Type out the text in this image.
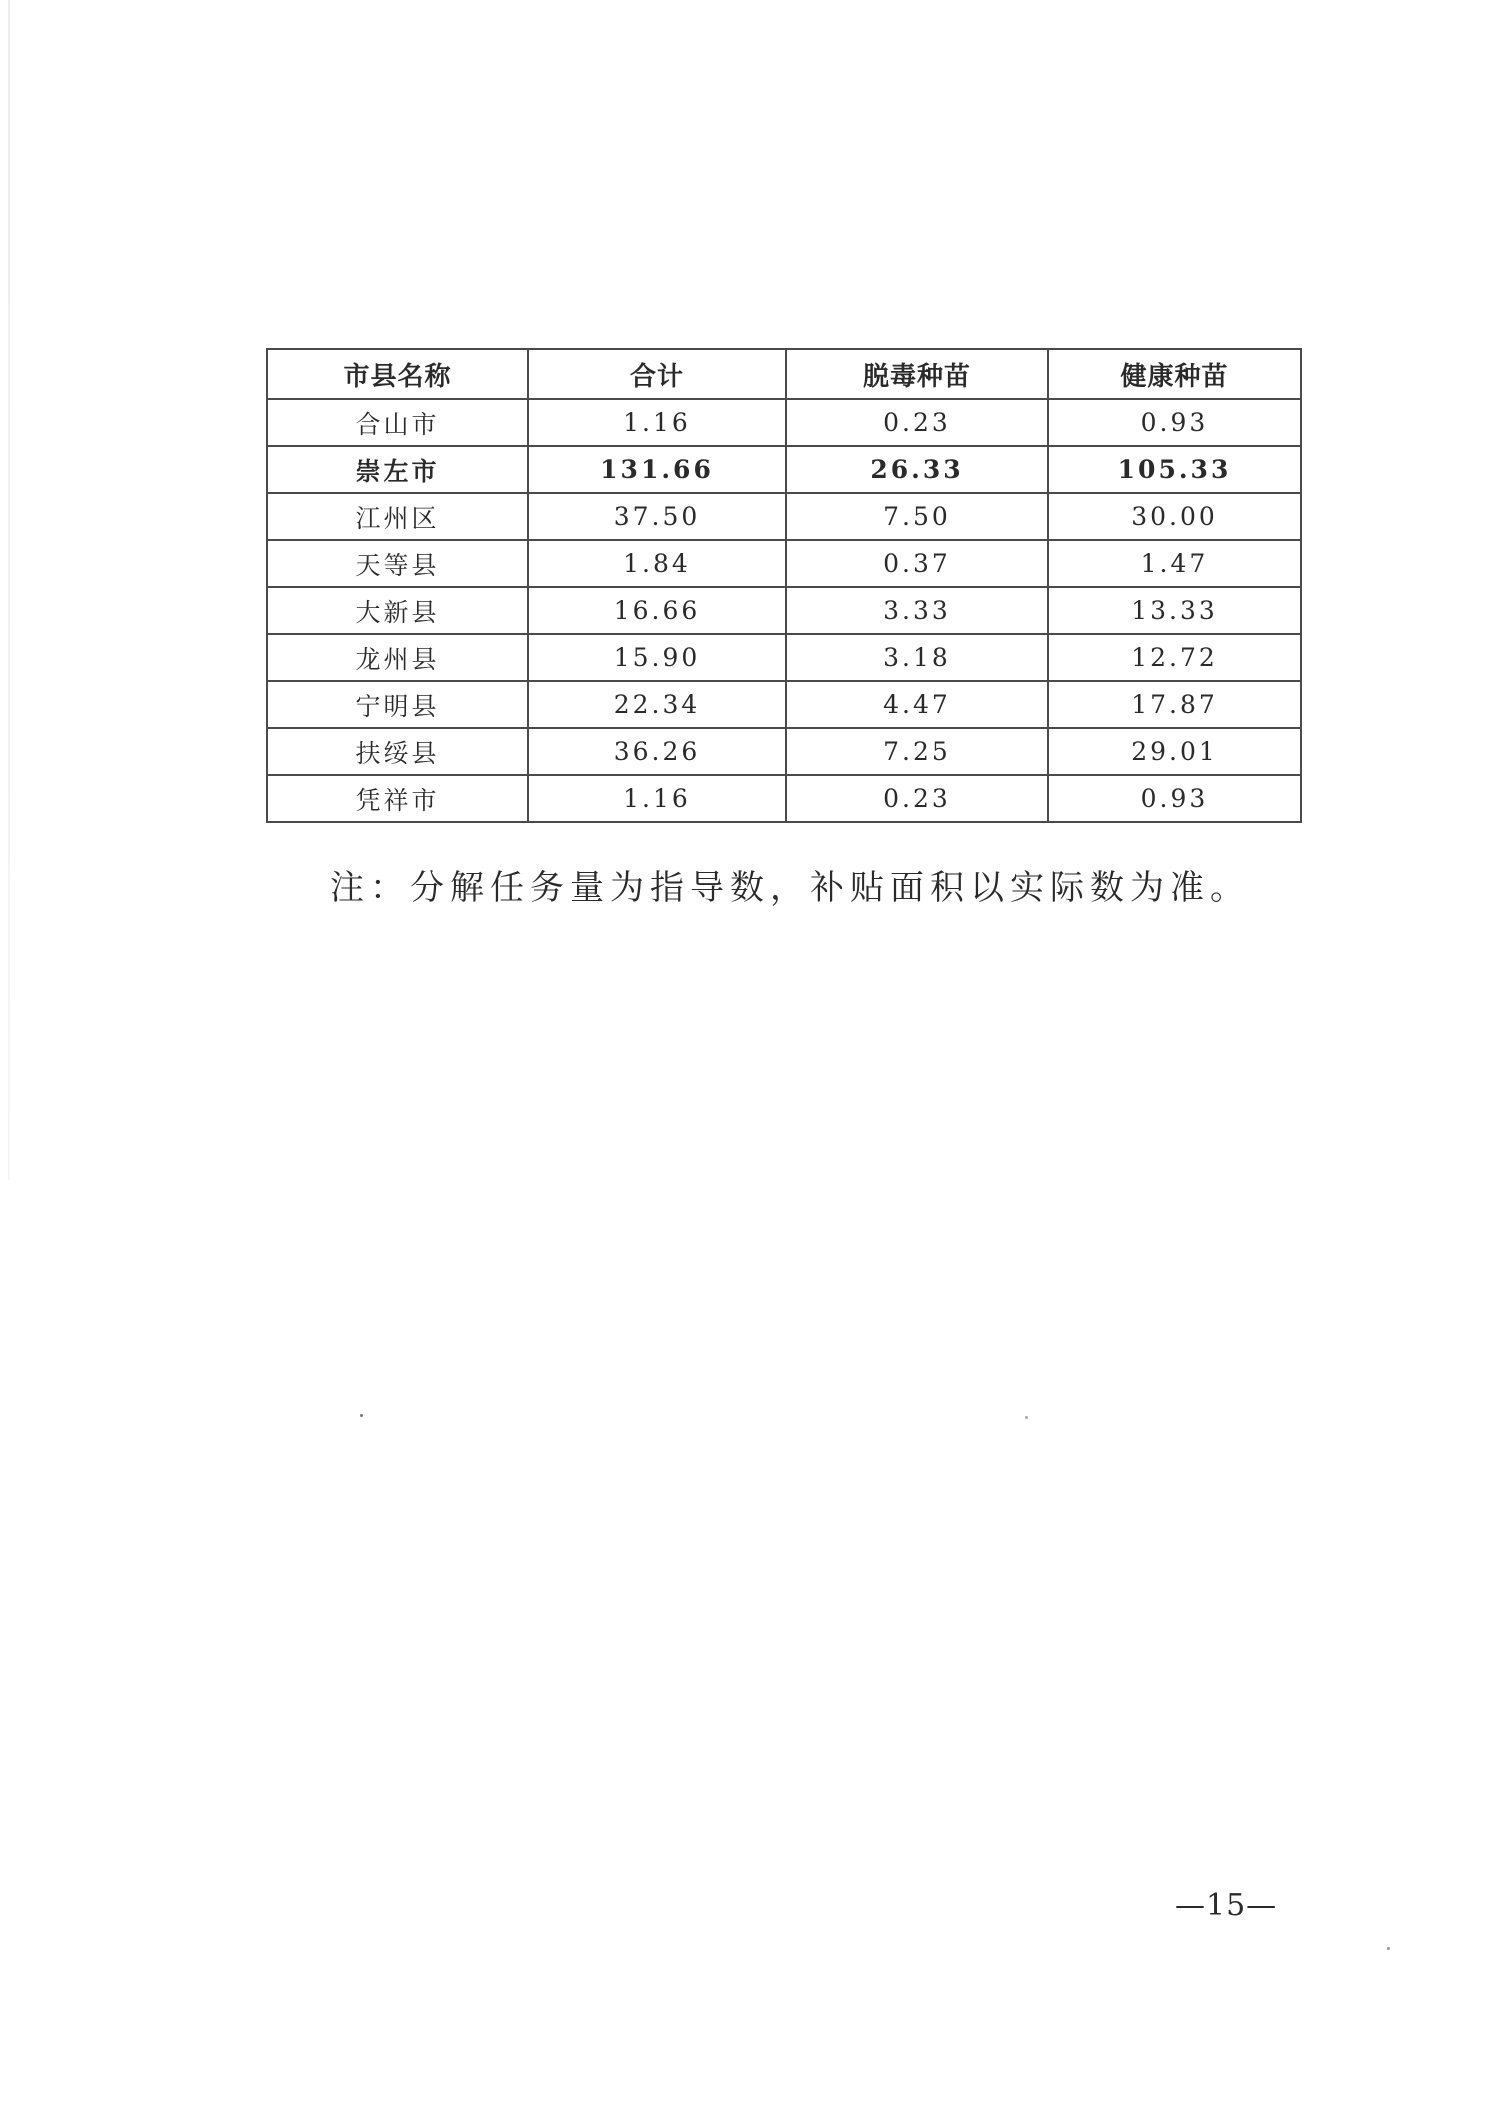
市县名称	合计	脱毒种苗	健康种苗
合山市	1.16	0.23	0.93
崇左市	131.66	26.33	105.33
江州区	37.50	7.50	30.00
天等县	1.84	0.37	1.47
大新县	16.66	3.33	13.33
龙州县	15.90	3.18	12.72
宁明县	22.34	4.47	17.87
扶绥县	36.26	7.25	29.01
凭祥市	1.16	0.23	0.93
注：分解任务量为指导数，补贴面积以实际数为准。
—15—
